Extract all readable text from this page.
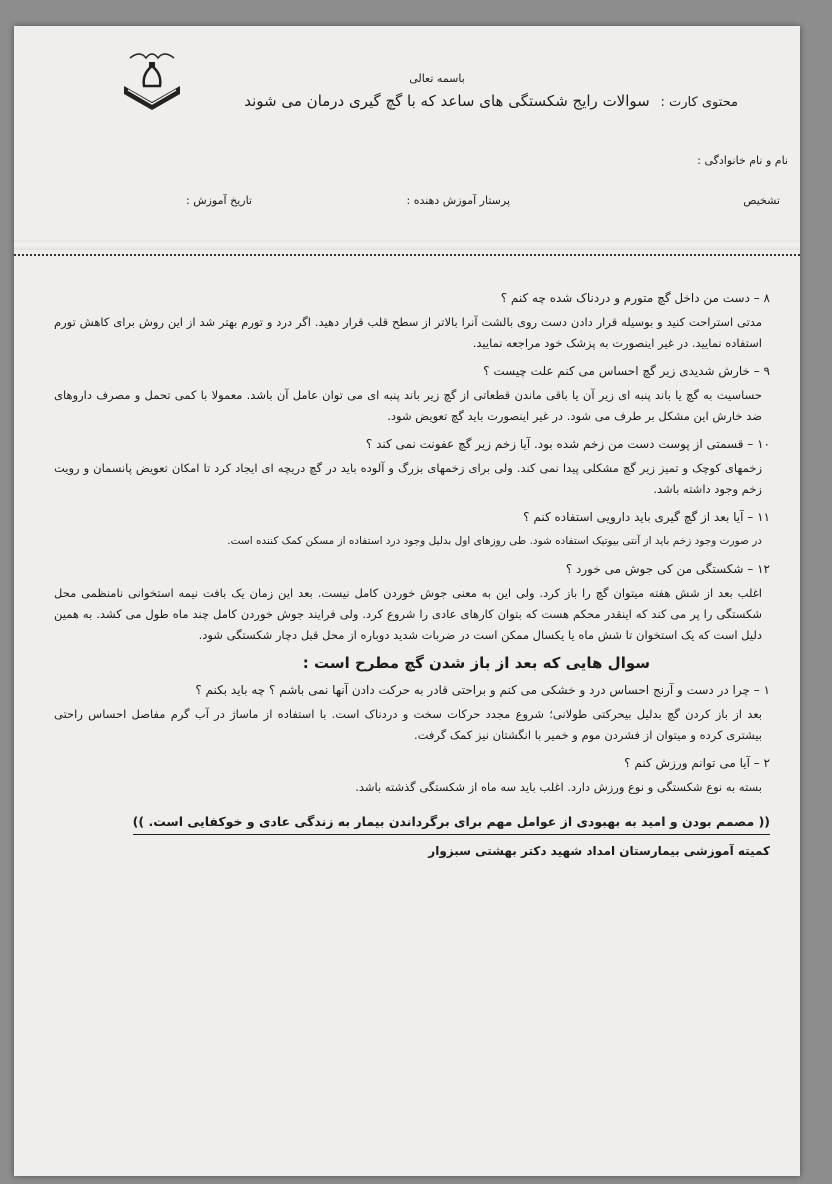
باسمه تعالی
محتوی کارت : سوالات رایج شکستگی های ساعد که با گچ گیری درمان می شوند
نام و نام خانوادگی :
تشخیص
پرستار آموزش دهنده :
تاریخ آموزش :

۸ – دست من داخل گچ متورم و دردناک شده چه کنم ؟

مدتی استراحت کنید و بوسیله قرار دادن دست روی بالشت آنرا بالاتر از سطح قلب قرار دهید. اگر درد و تورم بهتر شد از این روش برای کاهش تورم استفاده نمایید. در غیر اینصورت به پزشک خود مراجعه نمایید.

۹ – خارش شدیدی زیر گچ احساس می کنم علت چیست ؟

حساسیت به گچ یا باند پنبه ای زیر آن یا باقی ماندن قطعاتی از گچ زیر باند پنبه ای می توان عامل آن باشد. معمولا با کمی تحمل و مصرف داروهای ضد خارش این مشکل بر طرف می شود. در غیر اینصورت باید گچ تعویض شود.

۱۰ – قسمتی از پوست دست من زخم شده بود. آیا زخم زیر گچ عفونت نمی کند ؟

زخمهای کوچک و تمیز زیر گچ مشکلی پیدا نمی کند. ولی برای زخمهای بزرگ و آلوده باید در گچ دریچه ای ایجاد کرد تا امکان تعویض پانسمان و رویت زخم وجود داشته باشد.

۱۱ – آیا بعد از گچ گیری باید دارویی استفاده کنم ؟

در صورت وجود زخم باید از آنتی بیوتیک استفاده شود. طی روزهای اول بدلیل وجود درد استفاده از مسکن کمک کننده است.

۱۲ – شکستگی من کی جوش می خورد ؟

اغلب بعد از شش هفته میتوان گچ را باز کرد. ولی این به معنی جوش خوردن کامل نیست. بعد این زمان یک بافت نیمه استخوانی نامنظمی محل شکستگی را پر می کند که اینقدر محکم هست که بتوان کارهای عادی را شروع کرد. ولی فرایند جوش خوردن کامل چند ماه طول می کشد. به همین دلیل است که یک استخوان تا شش ماه یا یکسال ممکن است در ضربات شدید دوباره از محل قبل دچار شکستگی شود.

سوال هایی که بعد از باز شدن گچ مطرح است :

۱ – چرا در دست و آرنج احساس درد و خشکی می کنم و براحتی قادر به حرکت دادن آنها نمی باشم ؟ چه باید بکنم ؟

بعد از باز کردن گچ بدلیل بیحرکتی طولانی؛ شروع مجدد حرکات سخت و دردناک است. با استفاده از ماساژ در آب گرم مفاصل احساس راحتی بیشتری کرده و میتوان از فشردن موم و خمیر با انگشتان نیز کمک گرفت.

۲ – آیا می توانم ورزش کنم ؟

بسته به نوع شکستگی و نوع ورزش دارد. اغلب باید سه ماه از شکستگی گذشته باشد.

(( مصمم بودن و امید به بهبودی از عوامل مهم برای برگرداندن بیمار به زندگی عادی و خوکفایی است. ))

کمیته آموزشی بیمارستان امداد شهید دکتر بهشتی سبزوار
